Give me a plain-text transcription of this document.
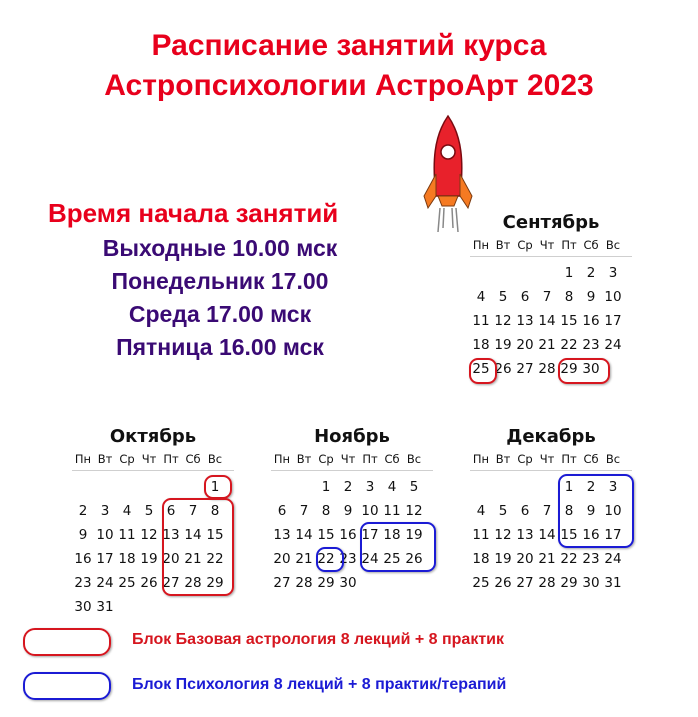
Расписание занятий курса
Астропсихологии АстроАрт 2023
Время начала занятий
Выходные 10.00 мск
Понедельник 17.00
Среда 17.00 мск
Пятница 16.00 мск
Сентябрь
Пн Вт Ср Чт Пт Сб Вс
1 2 3
4 5 6 7 8 9 10
11 12 13 14 15 16 17
18 19 20 21 22 23 24
25 26 27 28 29 30
Октябрь
Пн Вт Ср Чт Пт Сб Вс
1
2 3 4 5 6 7 8
9 10 11 12 13 14 15
16 17 18 19 20 21 22
23 24 25 26 27 28 29
30 31
Ноябрь
Пн Вт Ср Чт Пт Сб Вс
1 2 3 4 5
6 7 8 9 10 11 12
13 14 15 16 17 18 19
20 21 22 23 24 25 26
27 28 29 30
Декабрь
Пн Вт Ср Чт Пт Сб Вс
1 2 3
4 5 6 7 8 9 10
11 12 13 14 15 16 17
18 19 20 21 22 23 24
25 26 27 28 29 30 31
Блок Базовая астрология 8 лекций + 8 практик
Блок Психология 8 лекций + 8 практик/терапий
